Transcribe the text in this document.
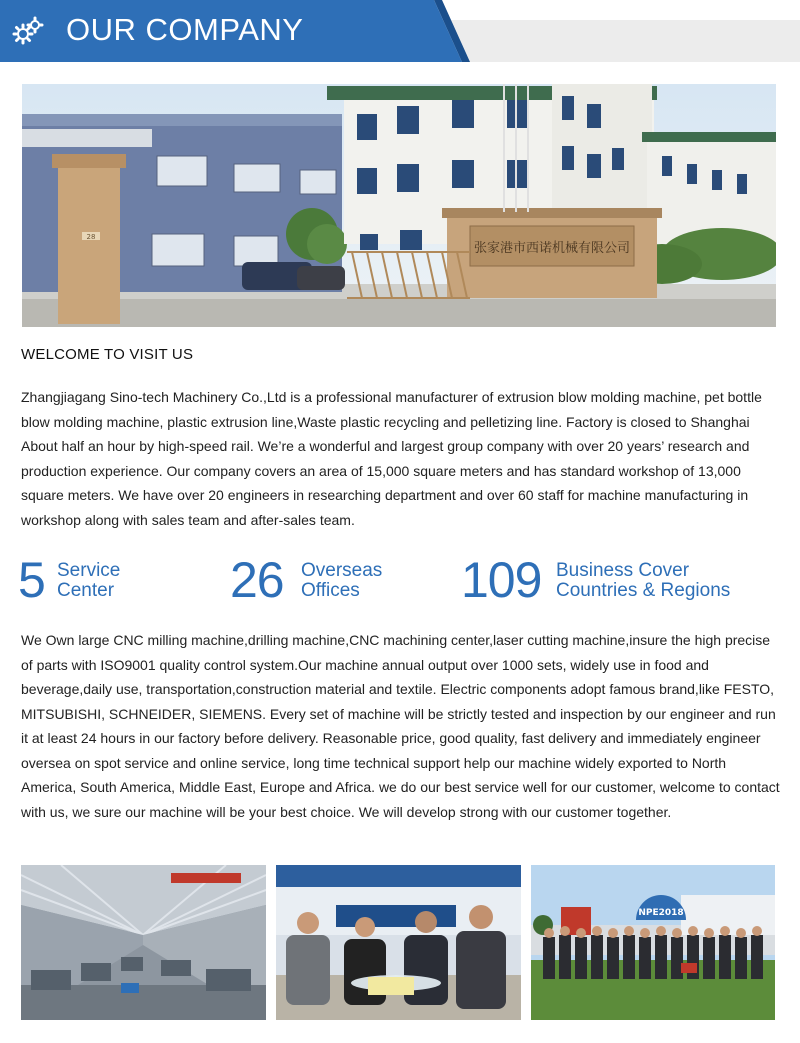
OUR COMPANY
张家港市西诺机械有限公司
28
WELCOME TO VISIT US

Zhangjiagang Sino-tech Machinery Co.,Ltd is a professional manufacturer of extrusion blow molding machine, pet bottle blow molding machine, plastic extrusion line,Waste plastic recycling and pelletizing line. Factory is closed to Shanghai About half an hour by high-speed rail. We’re a wonderful and largest group company with over 20 years’ research and production experience. Our company covers an area of 15,000 square meters and has standard workshop of 13,000 square meters. We have over 20 engineers in researching department and over 60 staff for machine manufacturing in workshop along with sales team and after-sales team.

5 Service
Center 26 Overseas
Offices 109 Business Cover
Countries & Regions

We Own large CNC milling machine,drilling machine,CNC machining center,laser cutting machine,insure the high precise of parts with ISO9001 quality control system.Our machine annual output over 1000 sets, widely use in food and beverage,daily use, transportation,construction material and textile. Electric components adopt famous brand,like FESTO, MITSUBISHI, SCHNEIDER, SIEMENS. Every set of machine will be strictly tested and inspection by our engineer and run it at least 24 hours in our factory before delivery. Reasonable price, good quality, fast delivery and immediately engineer oversea on spot service and online service, long time technical support help our machine widely exported to North America, South America, Middle East, Europe and Africa. we do our best service well for our customer, welcome to contact with us, we sure our machine will be your best choice. We will develop strong with our customer together.

NPE2018
